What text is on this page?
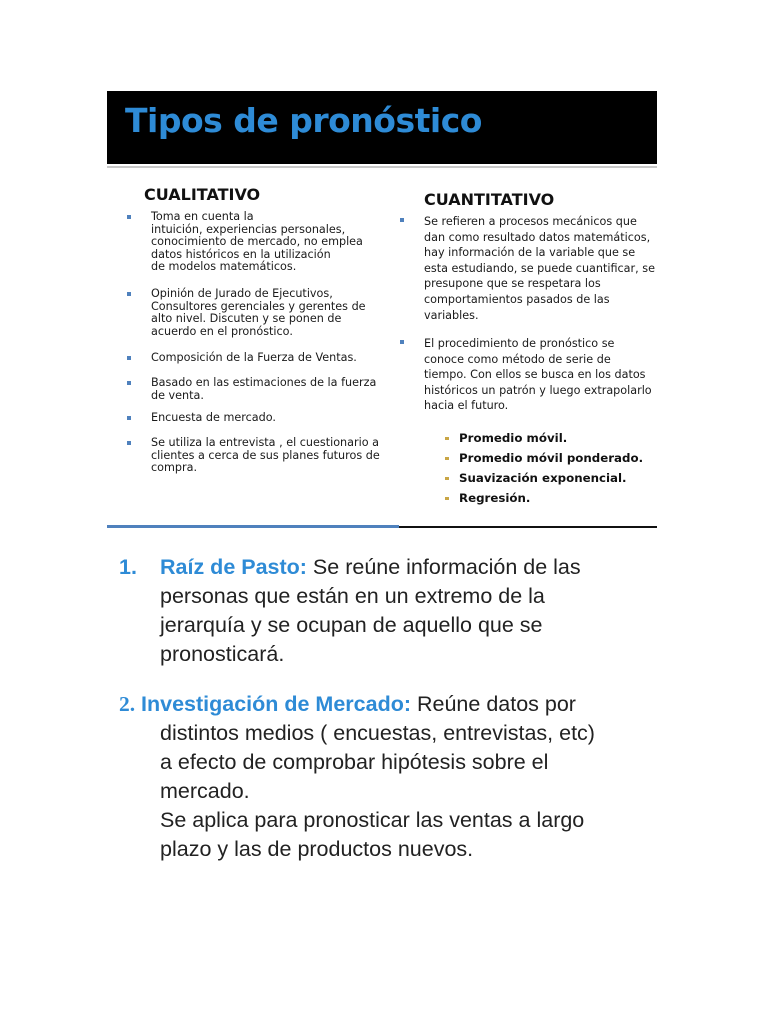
Tipos de pronóstico
CUALITATIVO	CUANTITATIVO
Toma en cuenta la
intuición, experiencias personales,
conocimiento de mercado, no emplea
datos históricos en la utilización
de modelos matemáticos.
Opinión de Jurado de Ejecutivos,
Consultores gerenciales y gerentes de
alto nivel. Discuten y se ponen de
acuerdo en el pronóstico.
Composición de la Fuerza de Ventas.
Basado en las estimaciones de la fuerza
de venta.
Encuesta de mercado.
Se utiliza la entrevista , el cuestionario a
clientes a cerca de sus planes futuros de
compra.
Se refieren a procesos mecánicos que
dan como resultado datos matemáticos,
hay información de la variable que se
esta estudiando, se puede cuantificar, se
presupone que se respetara los
comportamientos pasados de las
variables.
El procedimiento de pronóstico se
conoce como método de serie de
tiempo. Con ellos se busca en los datos
históricos un patrón y luego extrapolarlo
hacia el futuro.
Promedio móvil.
Promedio móvil ponderado.
Suavización exponencial.
Regresión.
1. Raíz de Pasto: Se reúne información de las
personas que están en un extremo de la
jerarquía y se ocupan de aquello que se
pronosticará.
2. Investigación de Mercado: Reúne datos por
distintos medios ( encuestas, entrevistas, etc)
a efecto de comprobar hipótesis sobre el
mercado.
Se aplica para pronosticar las ventas a largo
plazo y las de productos nuevos.
